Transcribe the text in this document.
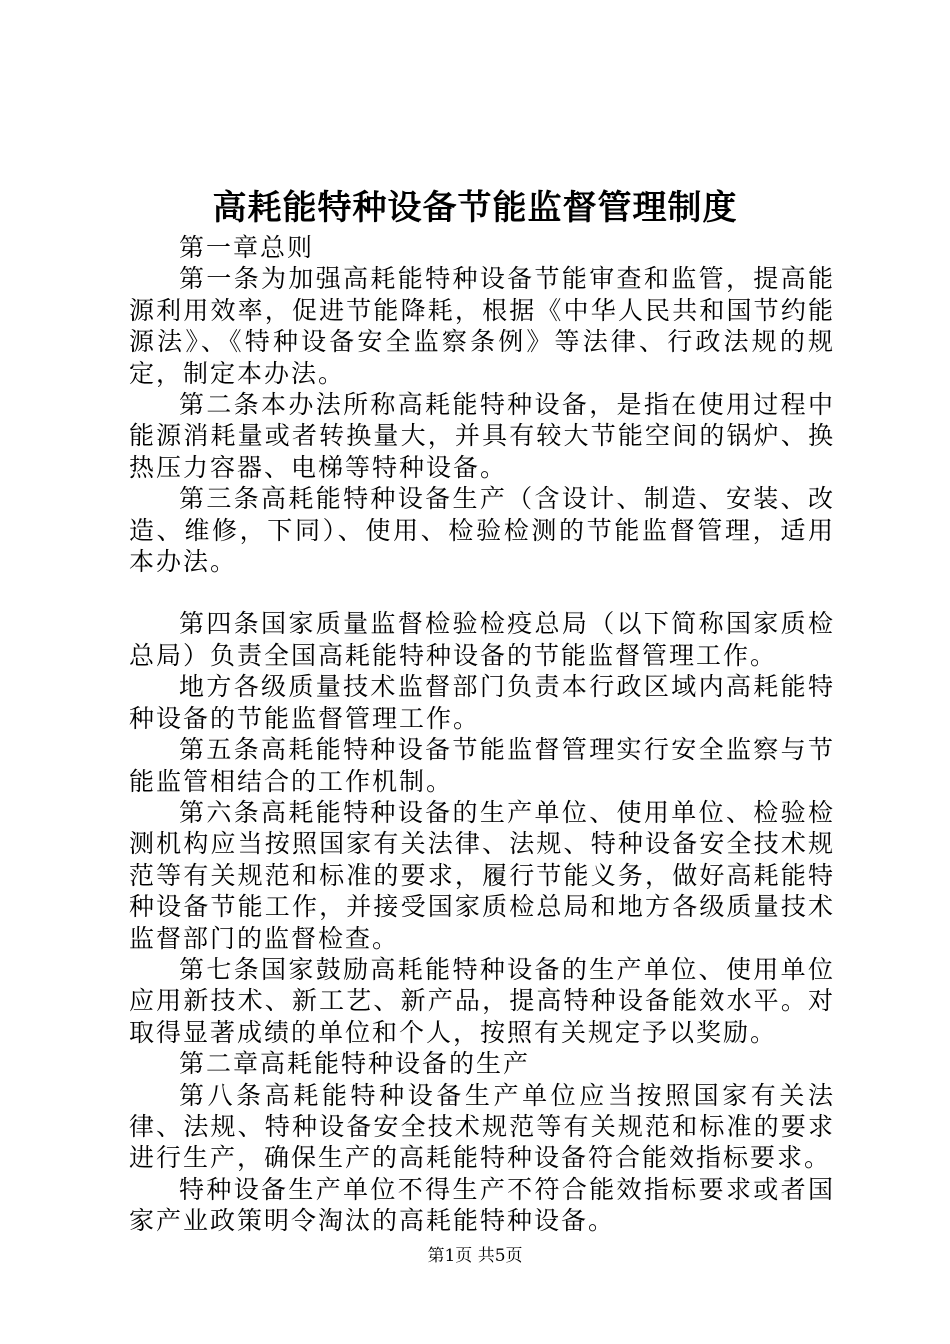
高耗能特种设备节能监督管理制度

第一章总则

第一条为加强高耗能特种设备节能审查和监管，提高能源利用效率，促进节能降耗，根据《中华人民共和国节约能源法》、《特种设备安全监察条例》等法律、行政法规的规定，制定本办法。

第二条本办法所称高耗能特种设备，是指在使用过程中能源消耗量或者转换量大，并具有较大节能空间的锅炉、换热压力容器、电梯等特种设备。

第三条高耗能特种设备生产（含设计、制造、安装、改造、维修，下同）、使用、检验检测的节能监督管理，适用本办法。

第四条国家质量监督检验检疫总局（以下简称国家质检总局）负责全国高耗能特种设备的节能监督管理工作。

地方各级质量技术监督部门负责本行政区域内高耗能特种设备的节能监督管理工作。

第五条高耗能特种设备节能监督管理实行安全监察与节能监管相结合的工作机制。

第六条高耗能特种设备的生产单位、使用单位、检验检测机构应当按照国家有关法律、法规、特种设备安全技术规范等有关规范和标准的要求，履行节能义务，做好高耗能特种设备节能工作，并接受国家质检总局和地方各级质量技术监督部门的监督检查。

第七条国家鼓励高耗能特种设备的生产单位、使用单位应用新技术、新工艺、新产品，提高特种设备能效水平。对取得显著成绩的单位和个人，按照有关规定予以奖励。

第二章高耗能特种设备的生产

第八条高耗能特种设备生产单位应当按照国家有关法律、法规、特种设备安全技术规范等有关规范和标准的要求进行生产，确保生产的高耗能特种设备符合能效指标要求。

特种设备生产单位不得生产不符合能效指标要求或者国家产业政策明令淘汰的高耗能特种设备。

第1页 共5页
